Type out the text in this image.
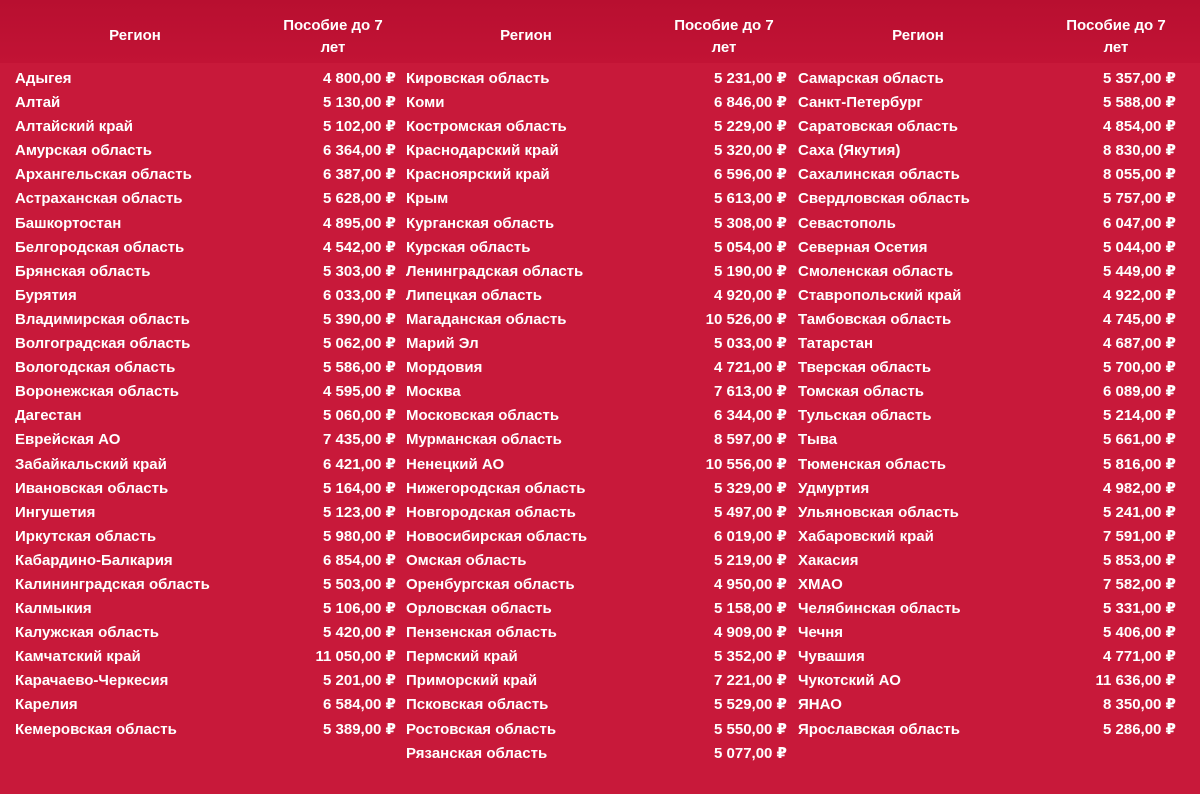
Регион
Пособие до 7
лет
Адыгея	4 800,00 ₽
Алтай	5 130,00 ₽
Алтайский край	5 102,00 ₽
Амурская область	6 364,00 ₽
Архангельская область	6 387,00 ₽
Астраханская область	5 628,00 ₽
Башкортостан	4 895,00 ₽
Белгородская область	4 542,00 ₽
Брянская область	5 303,00 ₽
Бурятия	6 033,00 ₽
Владимирская область	5 390,00 ₽
Волгоградская область	5 062,00 ₽
Вологодская область	5 586,00 ₽
Воронежская область	4 595,00 ₽
Дагестан	5 060,00 ₽
Еврейская АО	7 435,00 ₽
Забайкальский край	6 421,00 ₽
Ивановская область	5 164,00 ₽
Ингушетия	5 123,00 ₽
Иркутская область	5 980,00 ₽
Кабардино-Балкария	6 854,00 ₽
Калининградская область	5 503,00 ₽
Калмыкия	5 106,00 ₽
Калужская область	5 420,00 ₽
Камчатский край	11 050,00 ₽
Карачаево-Черкесия	5 201,00 ₽
Карелия	6 584,00 ₽
Кемеровская область	5 389,00 ₽
Регион
Пособие до 7
лет
Кировская область	5 231,00 ₽
Коми	6 846,00 ₽
Костромская область	5 229,00 ₽
Краснодарский край	5 320,00 ₽
Красноярский край	6 596,00 ₽
Крым	5 613,00 ₽
Курганская область	5 308,00 ₽
Курская область	5 054,00 ₽
Ленинградская область	5 190,00 ₽
Липецкая область	4 920,00 ₽
Магаданская область	10 526,00 ₽
Марий Эл	5 033,00 ₽
Мордовия	4 721,00 ₽
Москва	7 613,00 ₽
Московская область	6 344,00 ₽
Мурманская область	8 597,00 ₽
Ненецкий АО	10 556,00 ₽
Нижегородская область	5 329,00 ₽
Новгородская область	5 497,00 ₽
Новосибирская область	6 019,00 ₽
Омская область	5 219,00 ₽
Оренбургская область	4 950,00 ₽
Орловская область	5 158,00 ₽
Пензенская область	4 909,00 ₽
Пермский край	5 352,00 ₽
Приморский край	7 221,00 ₽
Псковская область	5 529,00 ₽
Ростовская область	5 550,00 ₽
Рязанская область	5 077,00 ₽
Регион
Пособие до 7
лет
Самарская область	5 357,00 ₽
Санкт-Петербург	5 588,00 ₽
Саратовская область	4 854,00 ₽
Саха (Якутия)	8 830,00 ₽
Сахалинская область	8 055,00 ₽
Свердловская область	5 757,00 ₽
Севастополь	6 047,00 ₽
Северная Осетия	5 044,00 ₽
Смоленская область	5 449,00 ₽
Ставропольский край	4 922,00 ₽
Тамбовская область	4 745,00 ₽
Татарстан	4 687,00 ₽
Тверская область	5 700,00 ₽
Томская область	6 089,00 ₽
Тульская область	5 214,00 ₽
Тыва	5 661,00 ₽
Тюменская область	5 816,00 ₽
Удмуртия	4 982,00 ₽
Ульяновская область	5 241,00 ₽
Хабаровский край	7 591,00 ₽
Хакасия	5 853,00 ₽
ХМАО	7 582,00 ₽
Челябинская область	5 331,00 ₽
Чечня	5 406,00 ₽
Чувашия	4 771,00 ₽
Чукотский АО	11 636,00 ₽
ЯНАО	8 350,00 ₽
Ярославская область	5 286,00 ₽
